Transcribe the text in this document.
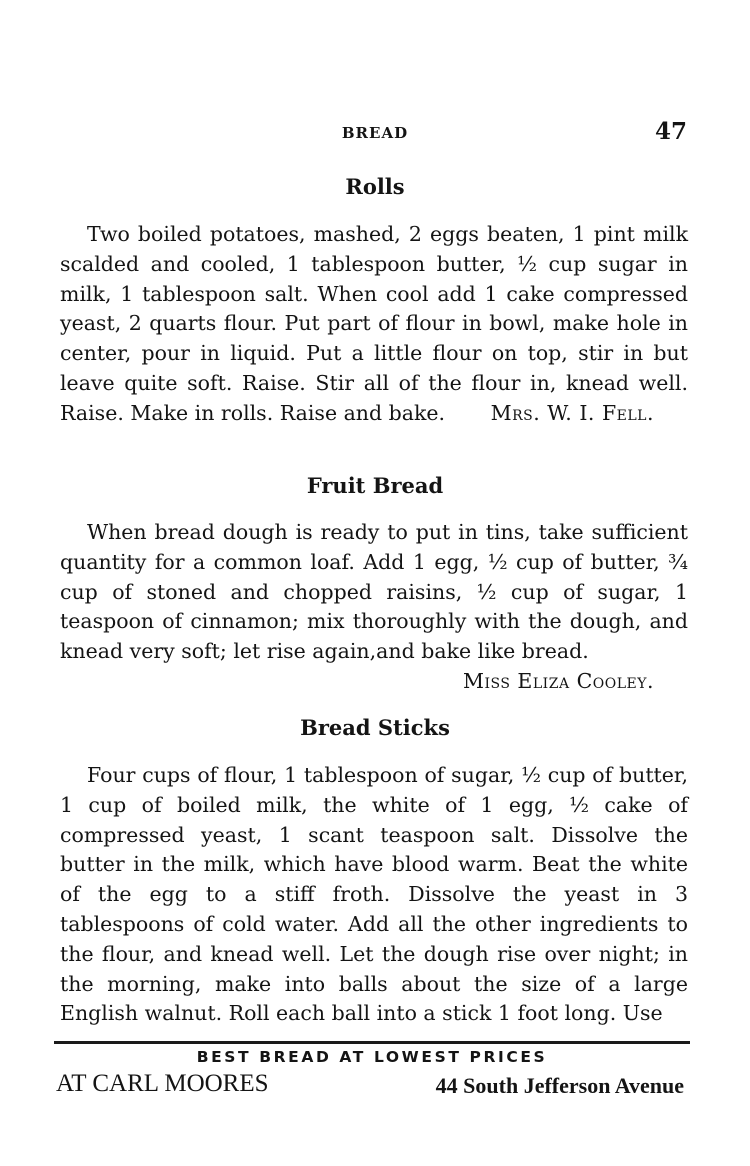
BREAD	47
Rolls

Two boiled potatoes, mashed, 2 eggs beaten, 1 pint milk scalded and cooled, 1 tablespoon butter, ½ cup sugar in milk, 1 tablespoon salt. When cool add 1 cake compressed yeast, 2 quarts flour. Put part of flour in bowl, make hole in center, pour in liquid. Put a little flour on top, stir in but leave quite soft. Raise. Stir all of the flour in, knead well. Raise. Make in rolls. Raise and bake.	Mrs. W. I. Fell.

Fruit Bread

When bread dough is ready to put in tins, take sufficient quantity for a common loaf. Add 1 egg, ½ cup of butter, ¾ cup of stoned and chopped raisins, ½ cup of sugar, 1 teaspoon of cinnamon; mix thoroughly with the dough, and knead very soft; let rise again,and bake like bread.
Miss Eliza Cooley.

Bread Sticks

Four cups of flour, 1 tablespoon of sugar, ½ cup of butter, 1 cup of boiled milk, the white of 1 egg, ½ cake of compressed yeast, 1 scant teaspoon salt. Dissolve the butter in the milk, which have blood warm. Beat the white of the egg to a stiff froth. Dissolve the yeast in 3 tablespoons of cold water. Add all the other ingredients to the flour, and knead well. Let the dough rise over night; in the morning, make into balls about the size of a large English walnut. Roll each ball into a stick 1 foot long. Use

BEST BREAD AT LOWEST PRICES
AT CARL MOORES	44 South Jefferson Avenue
